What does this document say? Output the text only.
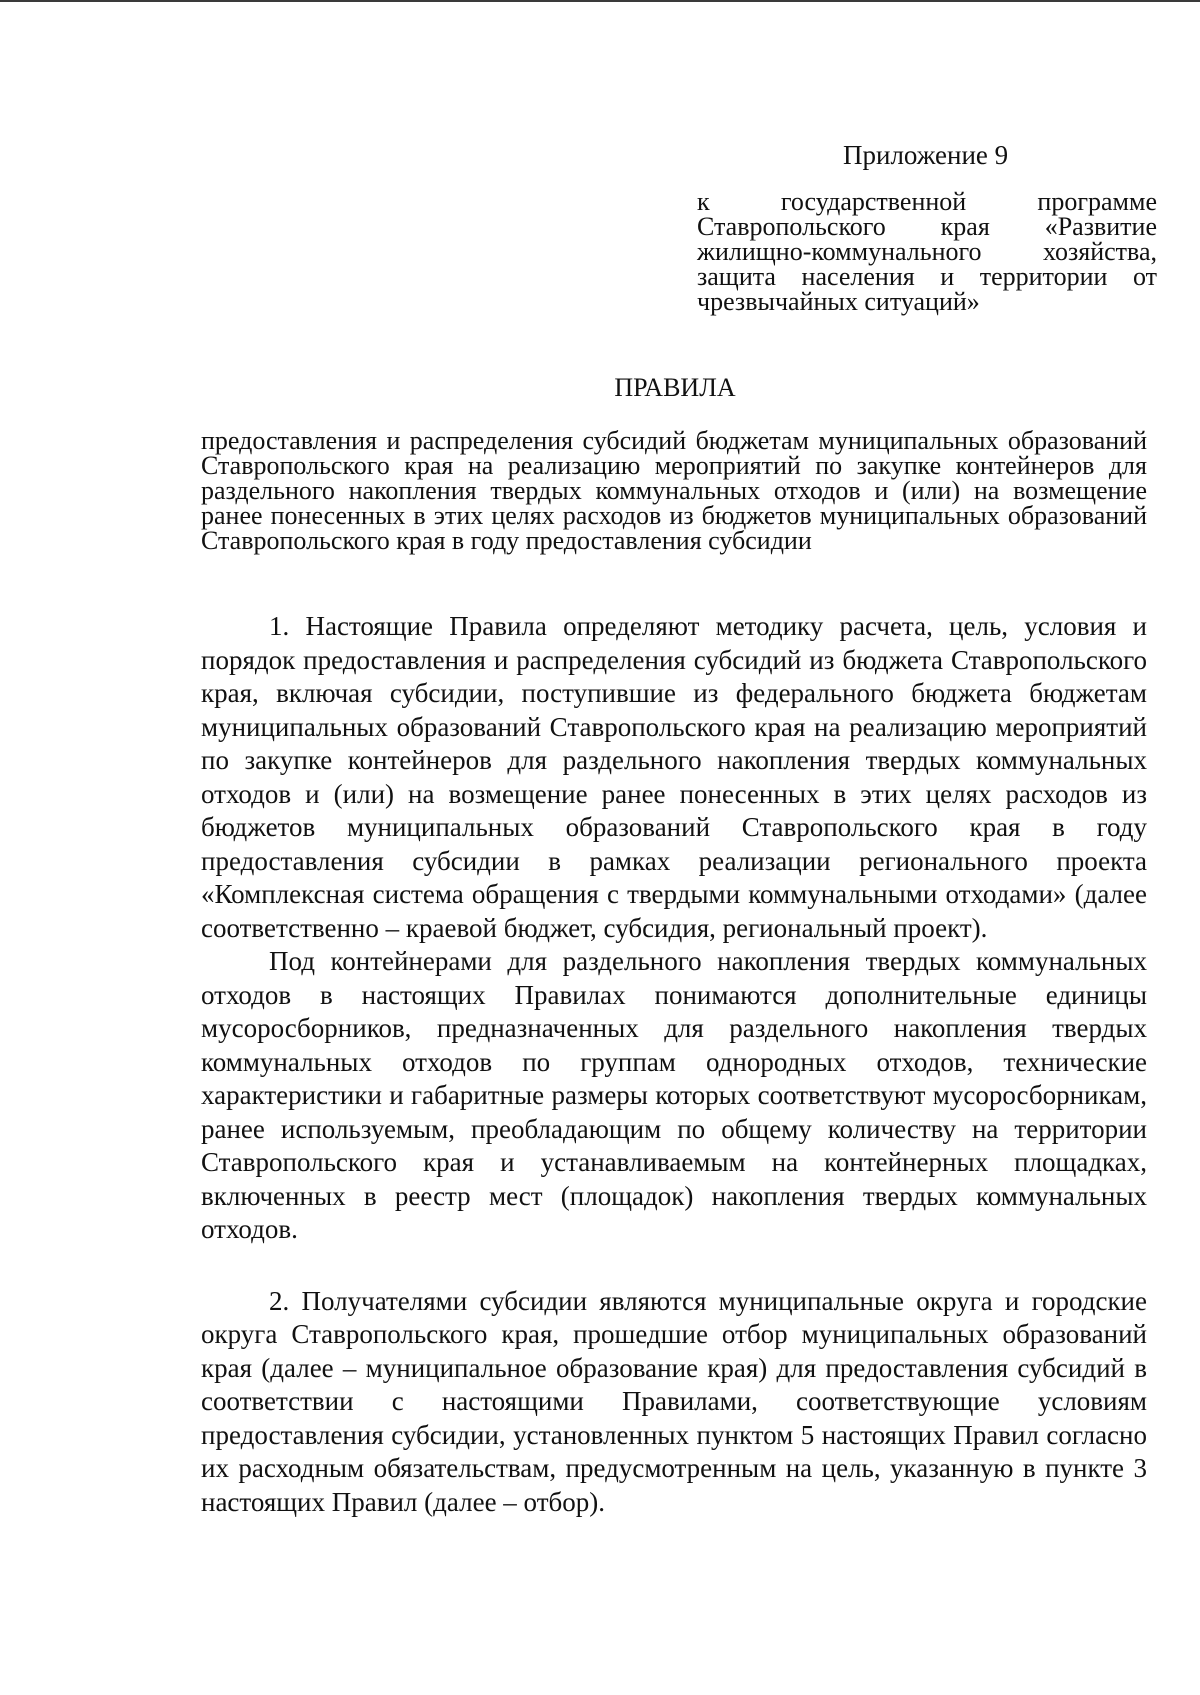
Приложение 9

к государственной программе Ставропольского края «Развитие жилищно-коммунального хозяйства, защита населения и территории от чрезвычайных ситуаций»

ПРАВИЛА

предоставления и распределения субсидий бюджетам муниципальных образований Ставропольского края на реализацию мероприятий по закупке контейнеров для раздельного накопления твердых коммунальных отходов и (или) на возмещение ранее понесенных в этих целях расходов из бюджетов муниципальных образований Ставропольского края в году предоставления субсидии

1. Настоящие Правила определяют методику расчета, цель, условия и порядок предоставления и распределения субсидий из бюджета Ставропольского края, включая субсидии, поступившие из федерального бюджета бюджетам муниципальных образований Ставропольского края на реализацию мероприятий по закупке контейнеров для раздельного накопления твердых коммунальных отходов и (или) на возмещение ранее понесенных в этих целях расходов из бюджетов муниципальных образований Ставропольского края в году предоставления субсидии в рамках реализации регионального проекта «Комплексная система обращения с твердыми коммунальными отходами» (далее соответственно – краевой бюджет, субсидия, региональный проект).

Под контейнерами для раздельного накопления твердых коммунальных отходов в настоящих Правилах понимаются дополнительные единицы мусоросборников, предназначенных для раздельного накопления твердых коммунальных отходов по группам однородных отходов, технические характеристики и габаритные размеры которых соответствуют мусоросборникам, ранее используемым, преобладающим по общему количеству на территории Ставропольского края и устанавливаемым на контейнерных площадках, включенных в реестр мест (площадок) накопления твердых коммунальных отходов.

2. Получателями субсидии являются муниципальные округа и городские округа Ставропольского края, прошедшие отбор муниципальных образований края (далее – муниципальное образование края) для предоставления субсидий в соответствии с настоящими Правилами, соответствующие условиям предоставления субсидии, установленных пунктом 5 настоящих Правил согласно их расходным обязательствам, предусмотренным на цель, указанную в пункте 3 настоящих Правил (далее – отбор).
